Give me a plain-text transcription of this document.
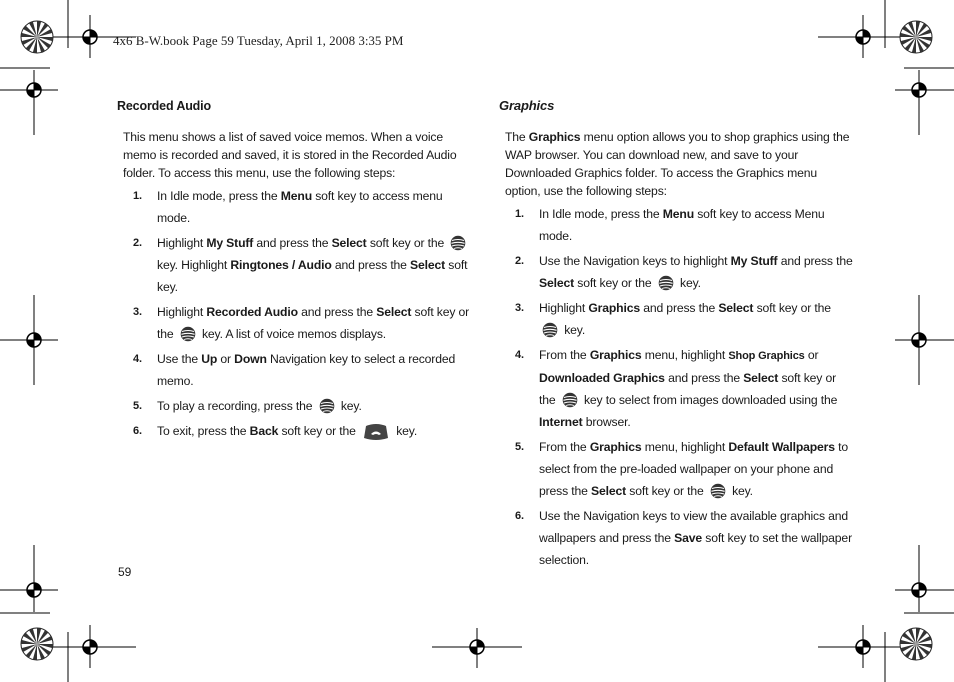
4x6 B-W.book Page 59 Tuesday, April 1, 2008 3:35 PM
Recorded Audio
This menu shows a list of saved voice memos. When a voice memo is recorded and saved, it is stored in the Recorded Audio folder. To access this menu, use the following steps:
1. In Idle mode, press the Menu soft key to access menu mode.
2. Highlight My Stuff and press the Select soft key or the  key. Highlight Ringtones / Audio and press the Select soft key.
3. Highlight Recorded Audio and press the Select soft key or the  key. A list of voice memos displays.
4. Use the Up or Down Navigation key to select a recorded memo.
5. To play a recording, press the  key.
6. To exit, press the Back soft key or the	key.
Graphics
The Graphics menu option allows you to shop graphics using the WAP browser. You can download new, and save to your Downloaded Graphics folder. To access the Graphics menu option, use the following steps:
1. In Idle mode, press the Menu soft key to access Menu mode.
2. Use the Navigation keys to highlight My Stuff and press the Select soft key or the  key.
3. Highlight Graphics and press the Select soft key or the  key.
4. From the Graphics menu, highlight Shop Graphics or Downloaded Graphics and press the Select soft key or the  key to select from images downloaded using the Internet browser.
5. From the Graphics menu, highlight Default Wallpapers to select from the pre-loaded wallpaper on your phone and press the Select soft key or the  key.
6. Use the Navigation keys to view the available graphics and wallpapers and press the Save soft key to set the wallpaper selection.
59
